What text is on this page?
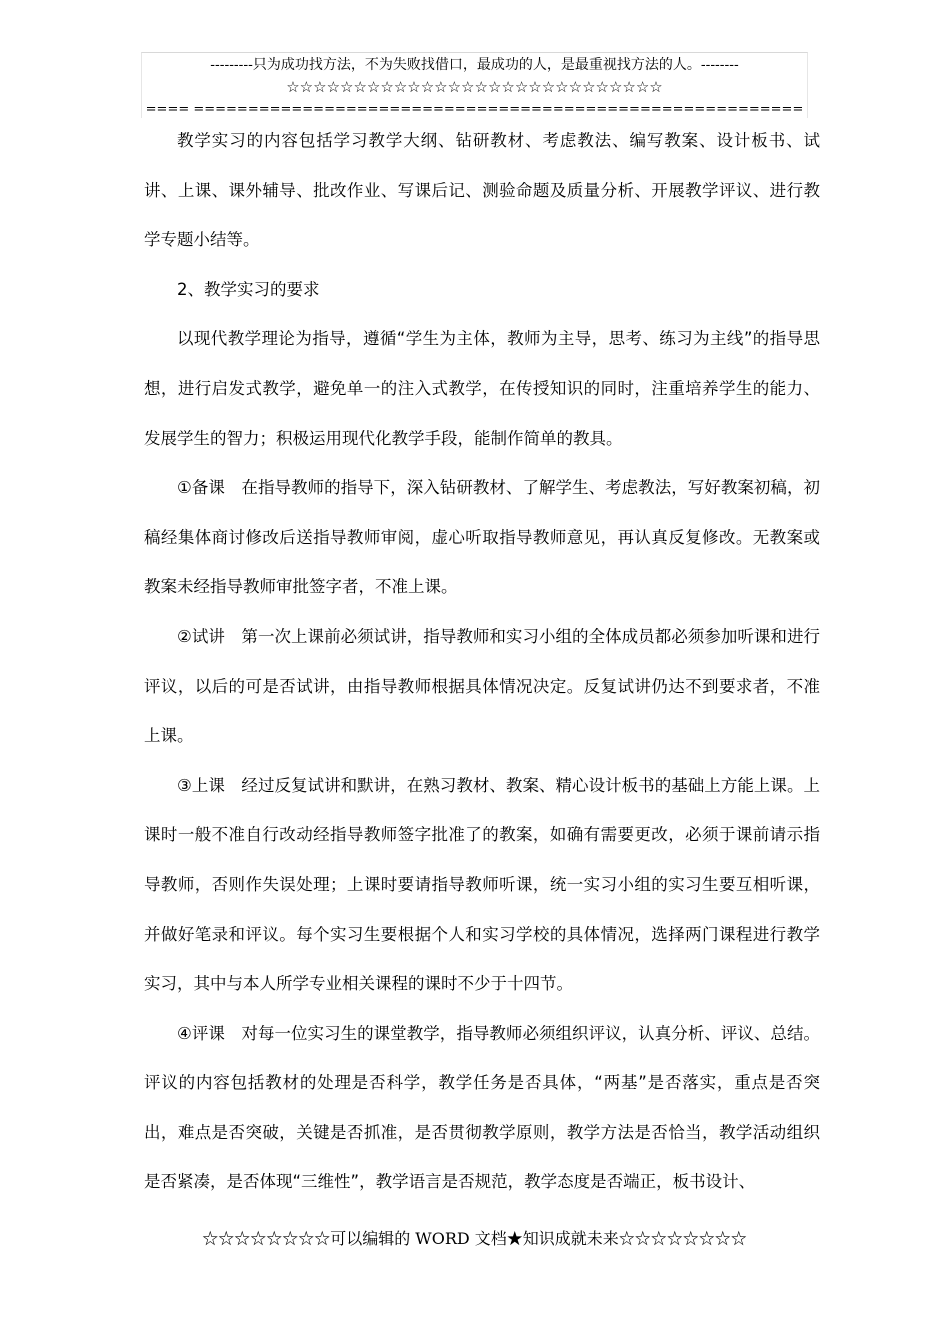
---------只为成功找方法，不为失败找借口，最成功的人，是最重视找方法的人。--------
☆☆☆☆☆☆☆☆☆☆☆☆☆☆☆☆☆☆☆☆☆☆☆☆☆☆☆☆
==== ========================================================

教学实习的内容包括学习教学大纲、钻研教材、考虑教法、编写教案、设计板书、试讲、上课、课外辅导、批改作业、写课后记、测验命题及质量分析、开展教学评议、进行教学专题小结等。

2、教学实习的要求

以现代教学理论为指导，遵循“学生为主体，教师为主导，思考、练习为主线”的指导思想，进行启发式教学，避免单一的注入式教学，在传授知识的同时，注重培养学生的能力、发展学生的智力；积极运用现代化教学手段，能制作简单的教具。

①备课　在指导教师的指导下，深入钻研教材、了解学生、考虑教法，写好教案初稿，初稿经集体商讨修改后送指导教师审阅，虚心听取指导教师意见，再认真反复修改。无教案或教案未经指导教师审批签字者，不准上课。

②试讲　第一次上课前必须试讲，指导教师和实习小组的全体成员都必须参加听课和进行评议，以后的可是否试讲，由指导教师根据具体情况决定。反复试讲仍达不到要求者，不准上课。

③上课　经过反复试讲和默讲，在熟习教材、教案、精心设计板书的基础上方能上课。上课时一般不准自行改动经指导教师签字批准了的教案，如确有需要更改，必须于课前请示指导教师，否则作失误处理；上课时要请指导教师听课，统一实习小组的实习生要互相听课，并做好笔录和评议。每个实习生要根据个人和实习学校的具体情况，选择两门课程进行教学实习，其中与本人所学专业相关课程的课时不少于十四节。

④评课　对每一位实习生的课堂教学，指导教师必须组织评议，认真分析、评议、总结。评议的内容包括教材的处理是否科学，教学任务是否具体，“两基”是否落实，重点是否突出，难点是否突破，关键是否抓准，是否贯彻教学原则，教学方法是否恰当，教学活动组织是否紧凑，是否体现“三维性”，教学语言是否规范，教学态度是否端正，板书设计、

☆☆☆☆☆☆☆☆可以编辑的 WORD 文档★知识成就未来☆☆☆☆☆☆☆☆
